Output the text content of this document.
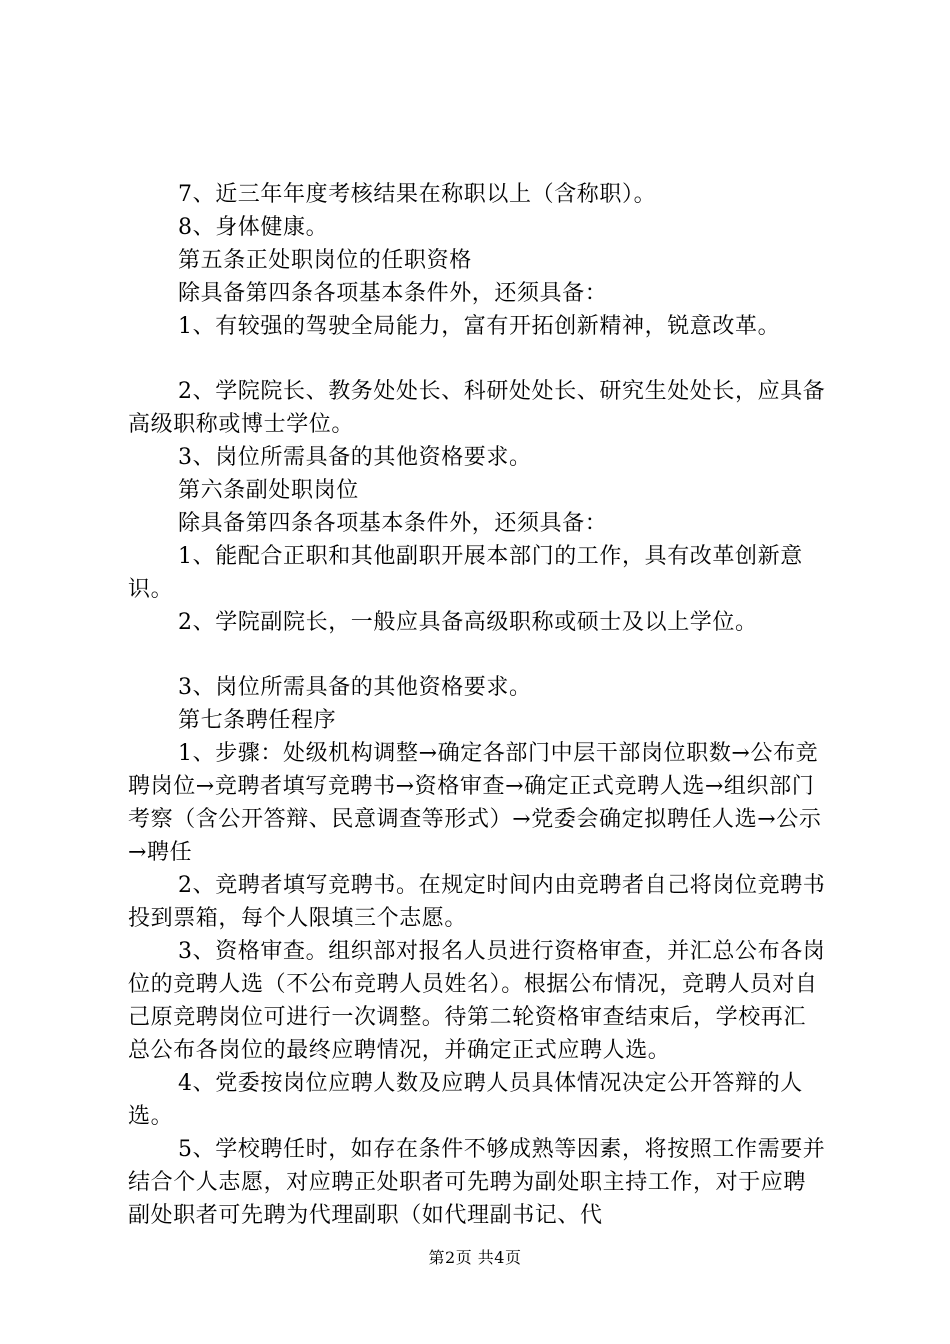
7、近三年年度考核结果在称职以上（含称职）。

8、身体健康。

第五条正处职岗位的任职资格

除具备第四条各项基本条件外，还须具备：

1、有较强的驾驶全局能力，富有开拓创新精神，锐意改革。

2、学院院长、教务处处长、科研处处长、研究生处处长，应具备高级职称或博士学位。

3、岗位所需具备的其他资格要求。

第六条副处职岗位

除具备第四条各项基本条件外，还须具备：

1、能配合正职和其他副职开展本部门的工作，具有改革创新意识。

2、学院副院长，一般应具备高级职称或硕士及以上学位。

3、岗位所需具备的其他资格要求。

第七条聘任程序

1、步骤：处级机构调整→确定各部门中层干部岗位职数→公布竞聘岗位→竞聘者填写竞聘书→资格审查→确定正式竞聘人选→组织部门考察（含公开答辩、民意调查等形式）→党委会确定拟聘任人选→公示→聘任

2、竞聘者填写竞聘书。在规定时间内由竞聘者自己将岗位竞聘书投到票箱，每个人限填三个志愿。

3、资格审查。组织部对报名人员进行资格审查，并汇总公布各岗位的竞聘人选（不公布竞聘人员姓名）。根据公布情况，竞聘人员对自己原竞聘岗位可进行一次调整。待第二轮资格审查结束后，学校再汇总公布各岗位的最终应聘情况，并确定正式应聘人选。

4、党委按岗位应聘人数及应聘人员具体情况决定公开答辩的人选。

5、学校聘任时，如存在条件不够成熟等因素，将按照工作需要并结合个人志愿，对应聘正处职者可先聘为副处职主持工作，对于应聘副处职者可先聘为代理副职（如代理副书记、代

第2页 共4页
